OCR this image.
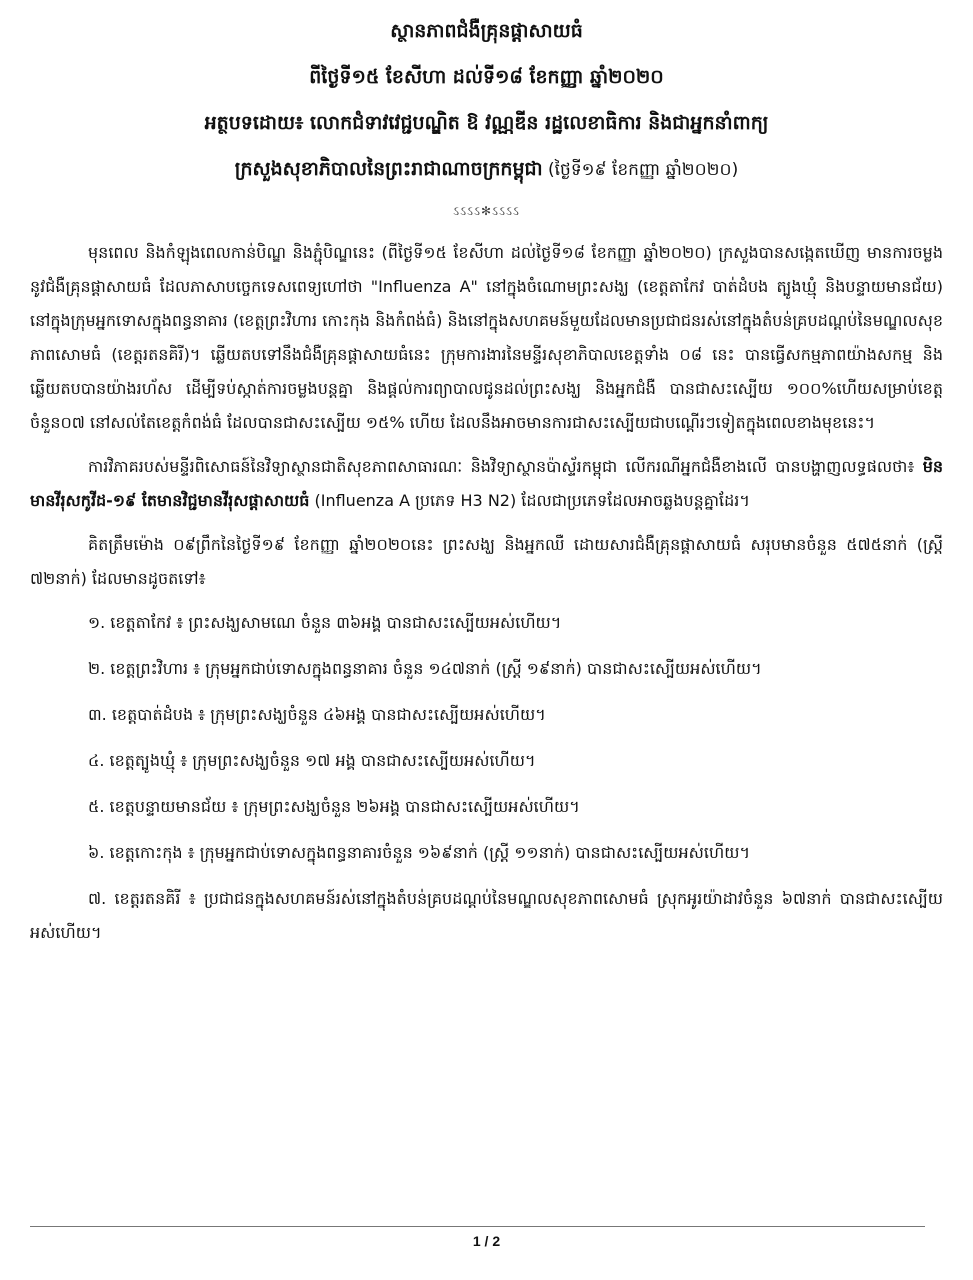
ស្ថានភាពជំងឺគ្រុនផ្តាសាយធំ
ពីថ្ងៃទី១៥ ខែសីហា ដល់ទី១៨ ខែកញ្ញា ឆ្នាំ២០២០
អត្ថបទដោយ៖ លោកជំទាវវេជ្ជបណ្ឌិត ឱ វណ្ណឌីន រដ្ឋលេខាធិការ និងជាអ្នកនាំពាក្យ
ក្រសួងសុខាភិបាលនៃព្រះរាជាណាចក្រកម្ពុជា (ថ្ងៃទី១៩ ខែកញ្ញា ឆ្នាំ២០២០)
ઽઽઽઽ✻ઽઽઽઽ

មុនពេល និងកំឡុងពេលកាន់បិណ្ឌ និងភ្ជុំបិណ្ឌនេះ (ពីថ្ងៃទី១៥ ខែសីហា ដល់ថ្ងៃទី១៨ ខែកញ្ញា ឆ្នាំ២០២០) ក្រសួងបានសង្កេតឃើញ មានការចម្លងនូវជំងឺគ្រុនផ្តាសាយធំ ដែលភាសាបច្ចេកទេសពេទ្យហៅថា "Influenza A" នៅក្នុងចំណោមព្រះសង្ឃ (ខេត្តតាកែវ បាត់ដំបង ត្បូងឃ្មុំ និងបន្ទាយមានជ័យ) នៅក្នុងក្រុមអ្នកទោសក្នុងពន្ធនាគារ (ខេត្តព្រះវិហារ កោះកុង និងកំពង់ធំ) និងនៅក្នុងសហគមន៍មួយដែលមានប្រជាជនរស់នៅក្នុងតំបន់គ្របដណ្តប់នៃមណ្ឌលសុខភាពសោមធំ (ខេត្តរតនគិរី)។ ឆ្លើយតបទៅនឹងជំងឺគ្រុនផ្តាសាយធំនេះ ក្រុមការងារនៃមន្ទីរសុខាភិបាលខេត្តទាំង ០៨ នេះ បានធ្វើសកម្មភាពយ៉ាងសកម្ម និងឆ្លើយតបបានយ៉ាងរហ័ស ដើម្បីទប់ស្កាត់ការចម្លងបន្តគ្នា និងផ្តល់ការព្យាបាលជូនដល់ព្រះសង្ឃ និងអ្នកជំងឺ បានជាសះស្បើយ ១០០%ហើយសម្រាប់ខេត្តចំនួន០៧ នៅសល់តែខេត្តកំពង់ធំ ដែលបានជាសះស្បើយ ១៥% ហើយ ដែលនឹងអាចមានការជាសះស្បើយជាបណ្តើរៗទៀតក្នុងពេលខាងមុខនេះ។

ការវិភាគរបស់មន្ទីរពិសោធន៍នៃវិទ្យាស្ថានជាតិសុខភាពសាធារណៈ និងវិទ្យាស្ថានប៉ាស្ទ័រកម្ពុជា លើករណីអ្នកជំងឺខាងលើ បានបង្ហាញលទ្ធផលថា៖ មិនមានវីរុសកូវីដ-១៩ តែមានវិជ្ជមានវីរុសផ្តាសាយធំ (Influenza A ប្រភេទ H3 N2) ដែលជាប្រភេទដែលអាចឆ្លងបន្តគ្នាដែរ។

គិតត្រឹមម៉ោង ០៩ព្រឹកនៃថ្ងៃទី១៩ ខែកញ្ញា ឆ្នាំ២០២០នេះ ព្រះសង្ឃ និងអ្នកឈឺ ដោយសារជំងឺគ្រុនផ្តាសាយធំ សរុបមានចំនួន ៥៧៥នាក់ (ស្ត្រី ៧២នាក់) ដែលមានដូចតទៅ៖

១. ខេត្តតាកែវ ៖ ព្រះសង្ឃសាមណេ ចំនួន ៣៦អង្គ បានជាសះស្បើយអស់ហើយ។
២. ខេត្តព្រះវិហារ ៖ ក្រុមអ្នកជាប់ទោសក្នុងពន្ធនាគារ ចំនួន ១៤៧នាក់ (ស្ត្រី ១៩នាក់) បានជាសះស្បើយអស់ហើយ។
៣. ខេត្តបាត់ដំបង ៖ ក្រុមព្រះសង្ឃចំនួន ៤៦អង្គ បានជាសះស្បើយអស់ហើយ។
៤. ខេត្តត្បូងឃ្មុំ ៖ ក្រុមព្រះសង្ឃចំនួន ១៧ អង្គ បានជាសះស្បើយអស់ហើយ។
៥. ខេត្តបន្ទាយមានជ័យ ៖ ក្រុមព្រះសង្ឃចំនួន ២៦អង្គ បានជាសះស្បើយអស់ហើយ។
៦. ខេត្តកោះកុង ៖ ក្រុមអ្នកជាប់ទោសក្នុងពន្ធនាគារចំនួន ១៦៩នាក់ (ស្ត្រី ១១នាក់) បានជាសះស្បើយអស់ហើយ។
៧. ខេត្តរតនគិរី ៖ ប្រជាជនក្នុងសហគមន៍រស់នៅក្នុងតំបន់គ្របដណ្តប់នៃមណ្ឌលសុខភាពសោមធំ ស្រុកអូរយ៉ាដាវចំនួន ៦៧នាក់ បានជាសះស្បើយអស់ហើយ។
1 / 2
